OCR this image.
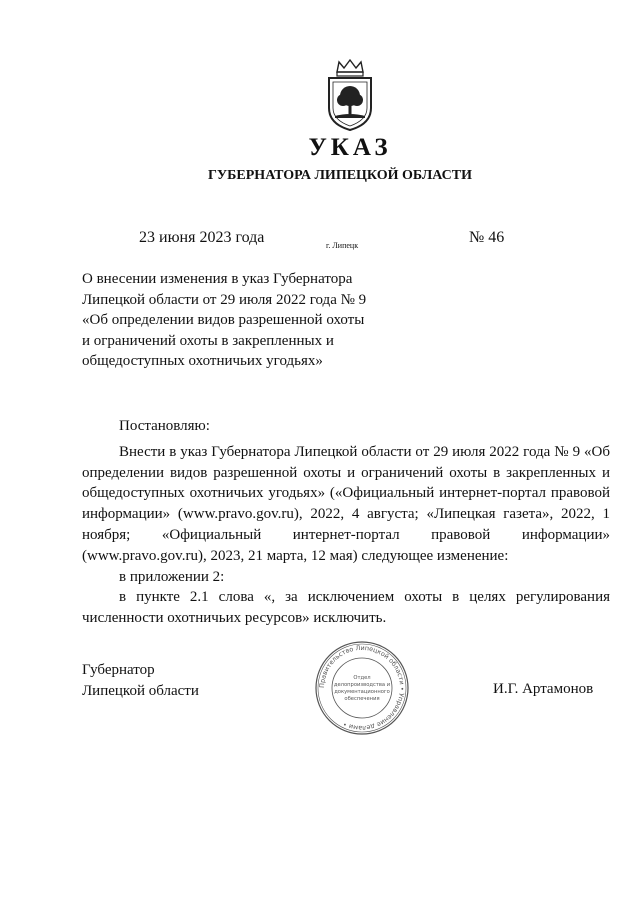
УКАЗ
ГУБЕРНАТОРА ЛИПЕЦКОЙ ОБЛАСТИ
23 июня 2023 года	г. Липецк	№ 46
О внесении изменения в указ Губернатора
Липецкой области от 29 июля 2022 года № 9
«Об определении видов разрешенной охоты
и ограничений охоты в закрепленных и
общедоступных охотничьих угодьях»

Постановляю:

Внести в указ Губернатора Липецкой области от 29 июля 2022 года № 9 «Об определении видов разрешенной охоты и ограничений охоты в закрепленных и общедоступных охотничьих угодьях» («Официальный интернет-портал правовой информации» (www.pravo.gov.ru), 2022, 4 августа; «Липецкая газета», 2022, 1 ноября; «Официальный интернет-портал правовой информации» (www.pravo.gov.ru), 2023, 21 марта, 12 мая) следующее изменение:

в приложении 2:

в пункте 2.1 слова «, за исключением охоты в целях регулирования численности охотничьих ресурсов» исключить.

Губернатор
Липецкой области	И.Г. Артамонов
Правительство Липецкой области • Управление делами •
Отдел
делопроизводства и
документационного
обеспечения
